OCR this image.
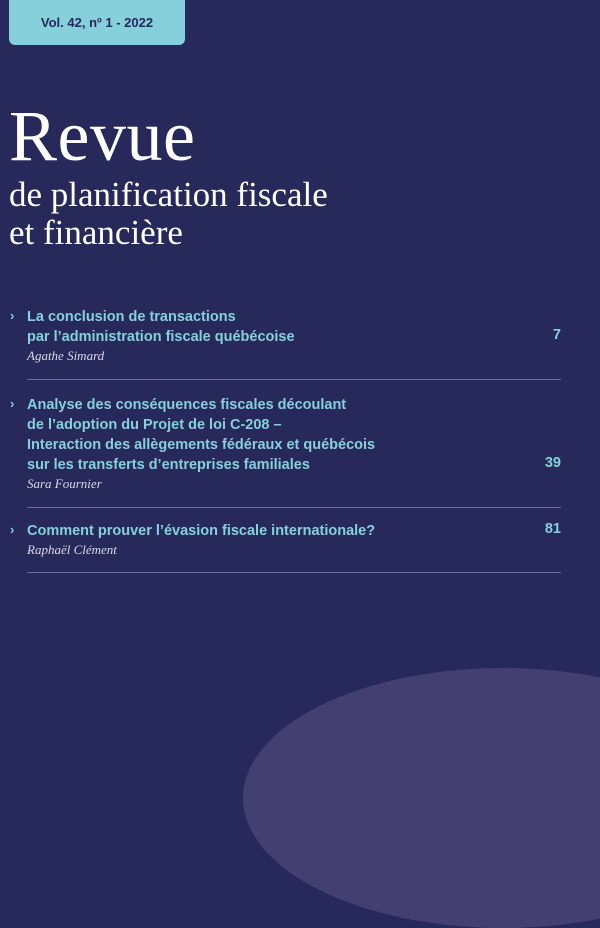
Vol. 42, nº 1 - 2022
Revue
de planification fiscale
et financière
› La conclusion de transactions
par l’administration fiscale québécoise
Agathe Simard
7
› Analyse des conséquences fiscales découlant
de l’adoption du Projet de loi C-208 –
Interaction des allègements fédéraux et québécois
sur les transferts d’entreprises familiales
Sara Fournier
39
› Comment prouver l’évasion fiscale internationale?
Raphaël Clément
81
